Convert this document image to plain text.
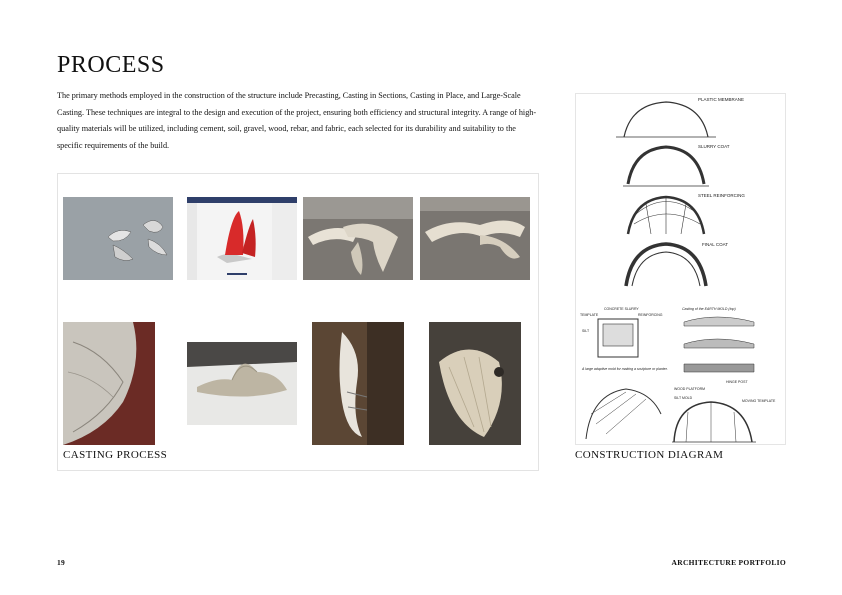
PROCESS

The primary methods employed in the construction of the structure include Precasting, Casting in Sections, Casting in Place, and Large-Scale Casting. These techniques are integral to the design and execution of the project, ensuring both efficiency and structural integrity. A range of high-quality materials will be utilized, including cement, soil, gravel, wood, rebar, and fabric, each selected for its durability and suitability to the specific requirements of the build.

CASTING PROCESS
PLASTIC MEMBRANE
SLURRY COAT
STEEL REINFORCING
FINAL COAT
TEMPLATE
CONCRETE SLURRY
REINFORCING
SILT
A large adaptive mold for making a sculpture or planter.
Casting of the EARTH MOLD (top)
WOOD PLATFORM
HINGE POST
SILT MOLD
MOVING TEMPLATE
CONSTRUCTION DIAGRAM
19	ARCHITECTURE PORTFOLIO
